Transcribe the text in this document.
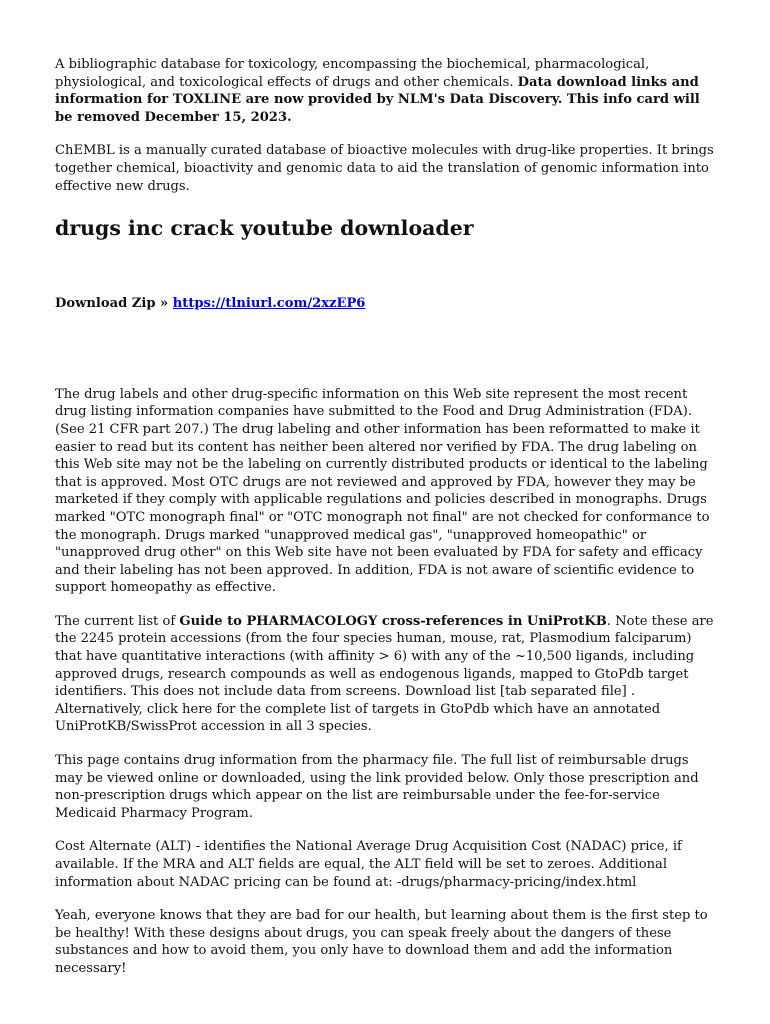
A bibliographic database for toxicology, encompassing the biochemical, pharmacological, physiological, and toxicological effects of drugs and other chemicals. Data download links and information for TOXLINE are now provided by NLM's Data Discovery. This info card will be removed December 15, 2023.

ChEMBL is a manually curated database of bioactive molecules with drug-like properties. It brings together chemical, bioactivity and genomic data to aid the translation of genomic information into effective new drugs.

drugs inc crack youtube downloader

Download Zip » https://tlniurl.com/2xzEP6

The drug labels and other drug-specific information on this Web site represent the most recent drug listing information companies have submitted to the Food and Drug Administration (FDA). (See 21 CFR part 207.) The drug labeling and other information has been reformatted to make it easier to read but its content has neither been altered nor verified by FDA. The drug labeling on this Web site may not be the labeling on currently distributed products or identical to the labeling that is approved. Most OTC drugs are not reviewed and approved by FDA, however they may be marketed if they comply with applicable regulations and policies described in monographs. Drugs marked "OTC monograph final" or "OTC monograph not final" are not checked for conformance to the monograph. Drugs marked "unapproved medical gas", "unapproved homeopathic" or "unapproved drug other" on this Web site have not been evaluated by FDA for safety and efficacy and their labeling has not been approved. In addition, FDA is not aware of scientific evidence to support homeopathy as effective.

The current list of Guide to PHARMACOLOGY cross-references in UniProtKB. Note these are the 2245 protein accessions (from the four species human, mouse, rat, Plasmodium falciparum) that have quantitative interactions (with affinity > 6) with any of the ~10,500 ligands, including approved drugs, research compounds as well as endogenous ligands, mapped to GtoPdb target identifiers. This does not include data from screens. Download list [tab separated file] .
Alternatively, click here for the complete list of targets in GtoPdb which have an annotated UniProtKB/SwissProt accession in all 3 species.

This page contains drug information from the pharmacy file. The full list of reimbursable drugs may be viewed online or downloaded, using the link provided below. Only those prescription and non-prescription drugs which appear on the list are reimbursable under the fee-for-service Medicaid Pharmacy Program.

Cost Alternate (ALT) - identifies the National Average Drug Acquisition Cost (NADAC) price, if available. If the MRA and ALT fields are equal, the ALT field will be set to zeroes. Additional information about NADAC pricing can be found at: -drugs/pharmacy-pricing/index.html

Yeah, everyone knows that they are bad for our health, but learning about them is the first step to be healthy! With these designs about drugs, you can speak freely about the dangers of these substances and how to avoid them, you only have to download them and add the information necessary!
